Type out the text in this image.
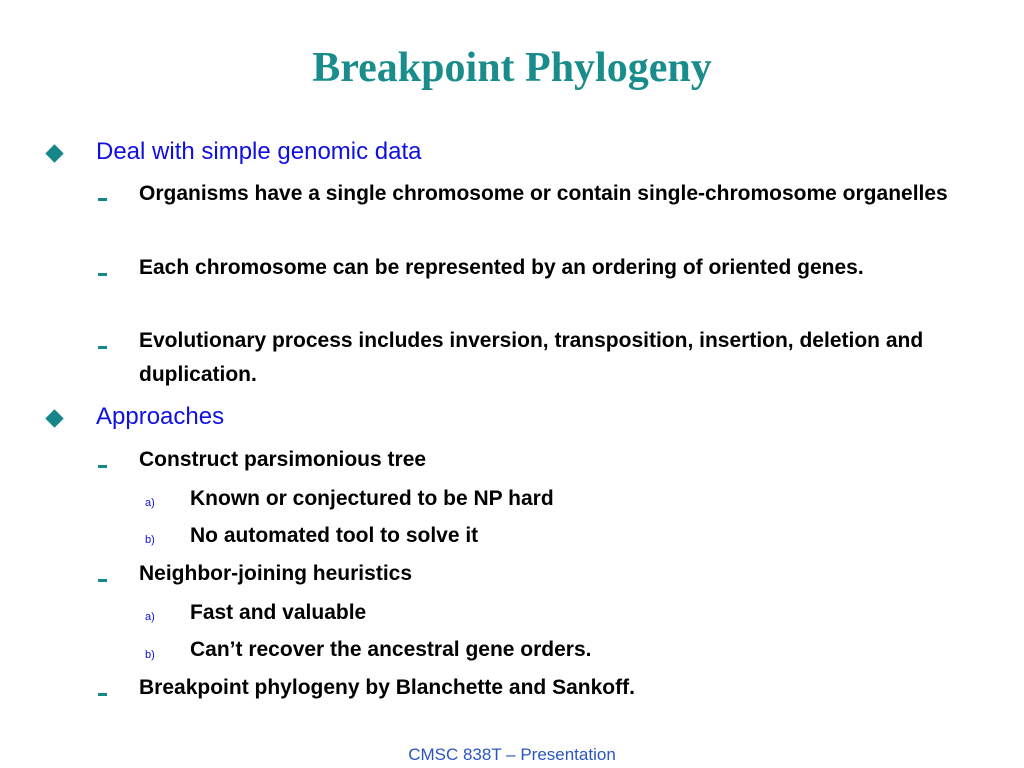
Breakpoint Phylogeny
Deal with simple genomic data
Organisms have a single chromosome or contain single-chromosome organelles
Each chromosome can be represented by an ordering of oriented genes.
Evolutionary process includes inversion, transposition, insertion, deletion and duplication.
Approaches
Construct parsimonious tree
a) Known or conjectured to be NP hard
b) No automated tool to solve it
Neighbor-joining heuristics
a) Fast and valuable
b) Can’t recover the ancestral gene orders.
Breakpoint phylogeny by Blanchette and Sankoff.
CMSC 838T – Presentation
